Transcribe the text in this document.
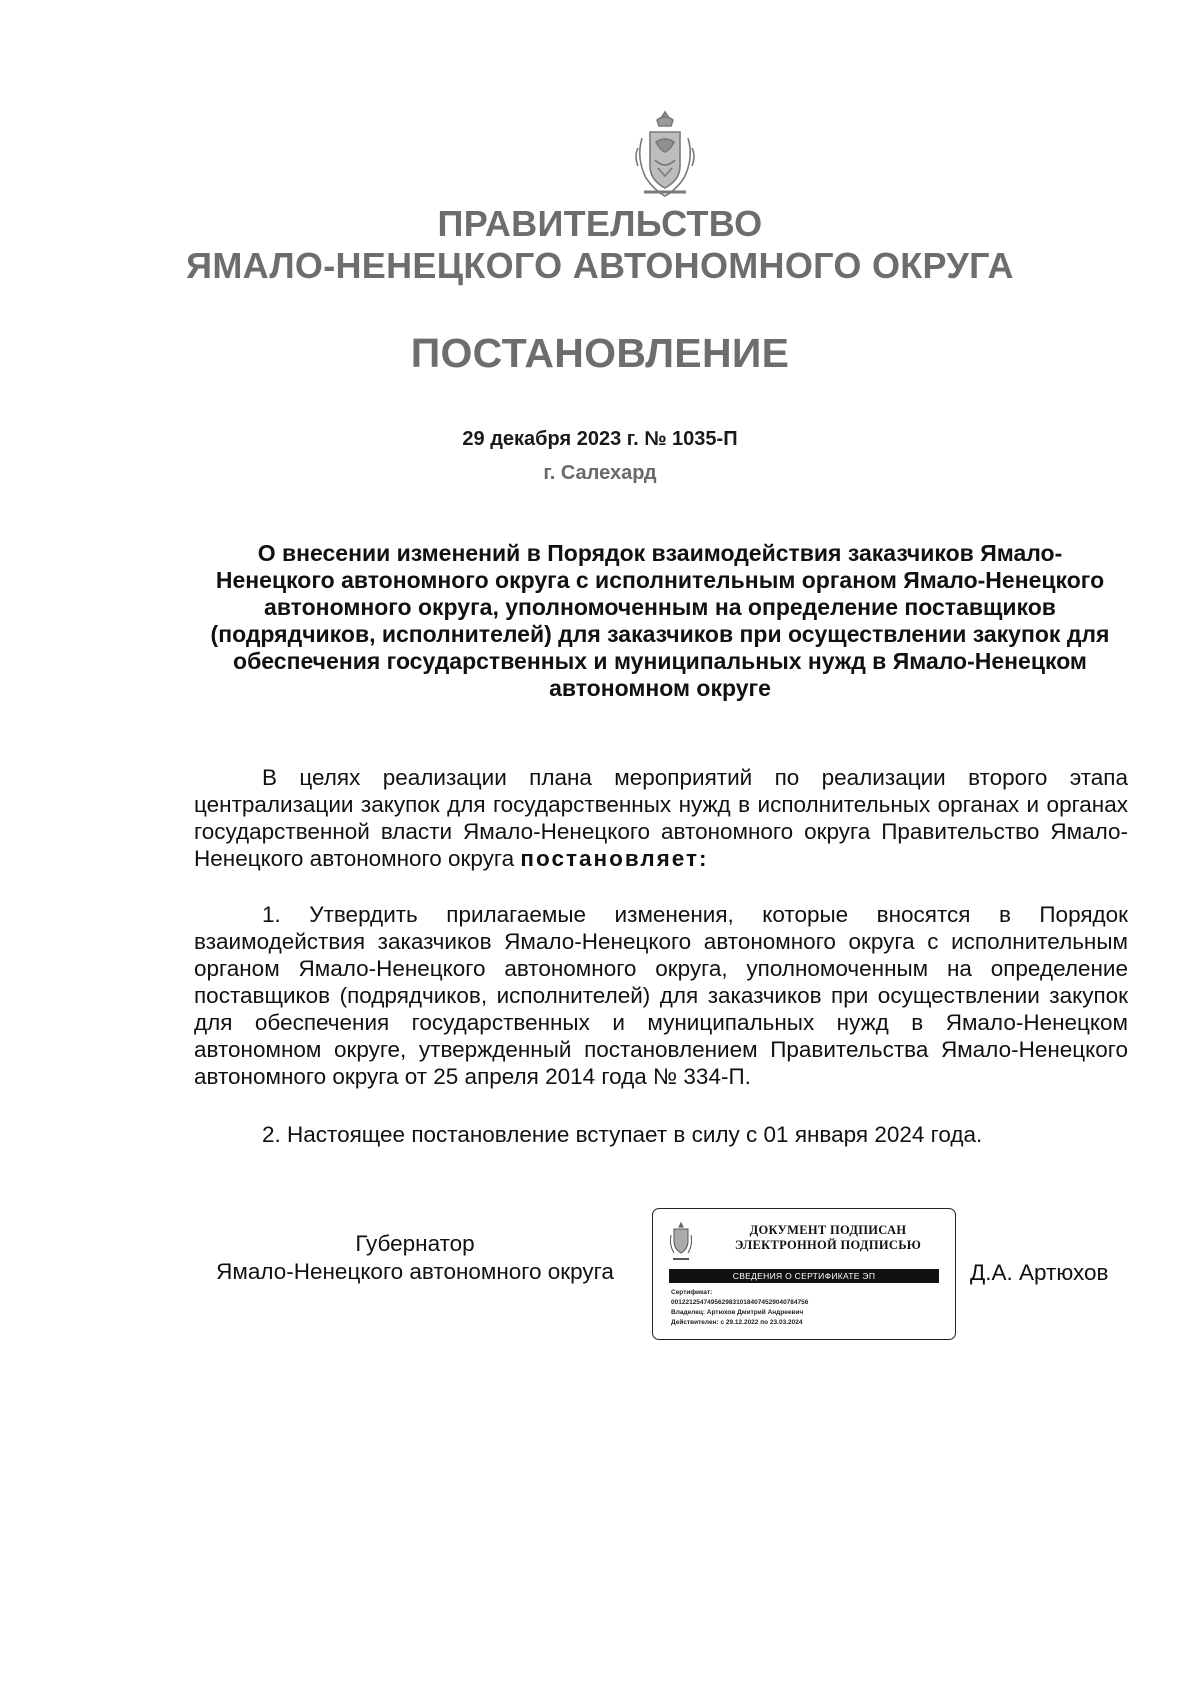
ПРАВИТЕЛЬСТВО
ЯМАЛО-НЕНЕЦКОГО АВТОНОМНОГО ОКРУГА
ПОСТАНОВЛЕНИЕ
29 декабря 2023 г. № 1035-П
г. Салехард
О внесении изменений в Порядок взаимодействия заказчиков Ямало-Ненецкого автономного округа с исполнительным органом Ямало-Ненецкого автономного округа, уполномоченным на определение поставщиков (подрядчиков, исполнителей) для заказчиков при осуществлении закупок для обеспечения государственных и муниципальных нужд в Ямало-Ненецком автономном округе
В целях реализации плана мероприятий по реализации второго этапа централизации закупок для государственных нужд в исполнительных органах и органах государственной власти Ямало-Ненецкого автономного округа Правительство Ямало-Ненецкого автономного округа постановляет:
1. Утвердить прилагаемые изменения, которые вносятся в Порядок взаимодействия заказчиков Ямало-Ненецкого автономного округа с исполнительным органом Ямало-Ненецкого автономного округа, уполномоченным на определение поставщиков (подрядчиков, исполнителей) для заказчиков при осуществлении закупок для обеспечения государственных и муниципальных нужд в Ямало-Ненецком автономном округе, утвержденный постановлением Правительства Ямало-Ненецкого автономного округа от 25 апреля 2014 года № 334-П.
2. Настоящее постановление вступает в силу с 01 января 2024 года.
Губернатор
Ямало-Ненецкого автономного округа
ДОКУМЕНТ ПОДПИСАН
ЭЛЕКТРОННОЙ ПОДПИСЬЮ
СВЕДЕНИЯ О СЕРТИФИКАТЕ ЭП
Сертификат:
00122125474956298310184074529040784756
Владелец: Артюхов Дмитрий Андреевич
Действителен: с 29.12.2022 по 23.03.2024
Д.А. Артюхов
